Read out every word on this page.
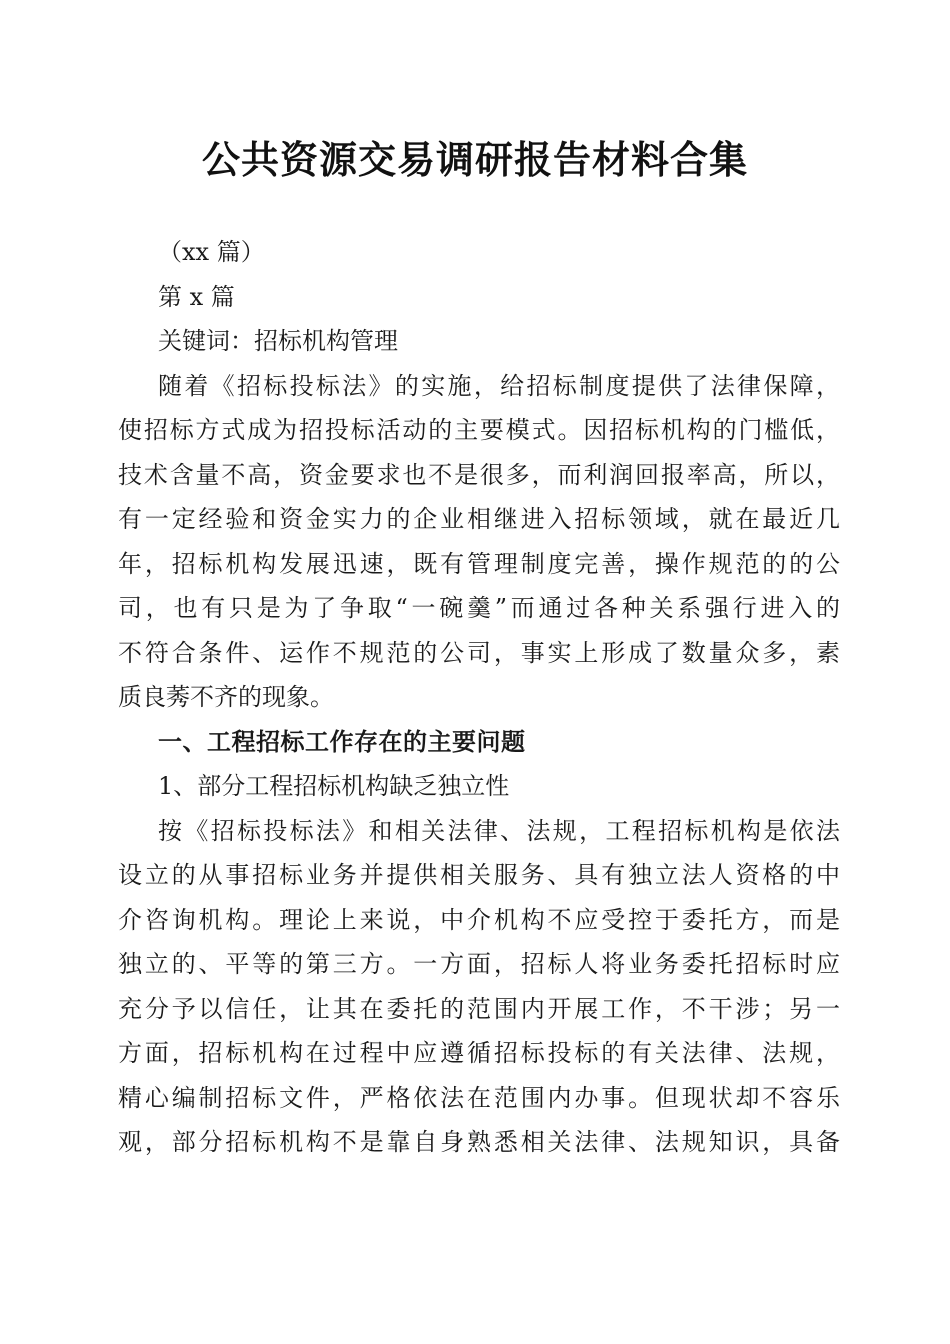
公共资源交易调研报告材料合集

（xx 篇）

第 x 篇

关键词：招标机构管理

随着《招标投标法》的实施，给招标制度提供了法律保障，

使招标方式成为招投标活动的主要模式。因招标机构的门槛低，

技术含量不高，资金要求也不是很多，而利润回报率高，所以，

有一定经验和资金实力的企业相继进入招标领域，就在最近几

年，招标机构发展迅速，既有管理制度完善，操作规范的的公

司，也有只是为了争取“一碗羹”而通过各种关系强行进入的

不符合条件、运作不规范的公司，事实上形成了数量众多，素

质良莠不齐的现象。

一、工程招标工作存在的主要问题

1、部分工程招标机构缺乏独立性

按《招标投标法》和相关法律、法规，工程招标机构是依法

设立的从事招标业务并提供相关服务、具有独立法人资格的中

介咨询机构。理论上来说，中介机构不应受控于委托方，而是

独立的、平等的第三方。一方面，招标人将业务委托招标时应

充分予以信任，让其在委托的范围内开展工作，不干涉；另一

方面，招标机构在过程中应遵循招标投标的有关法律、法规，

精心编制招标文件，严格依法在范围内办事。但现状却不容乐

观，部分招标机构不是靠自身熟悉相关法律、法规知识，具备
